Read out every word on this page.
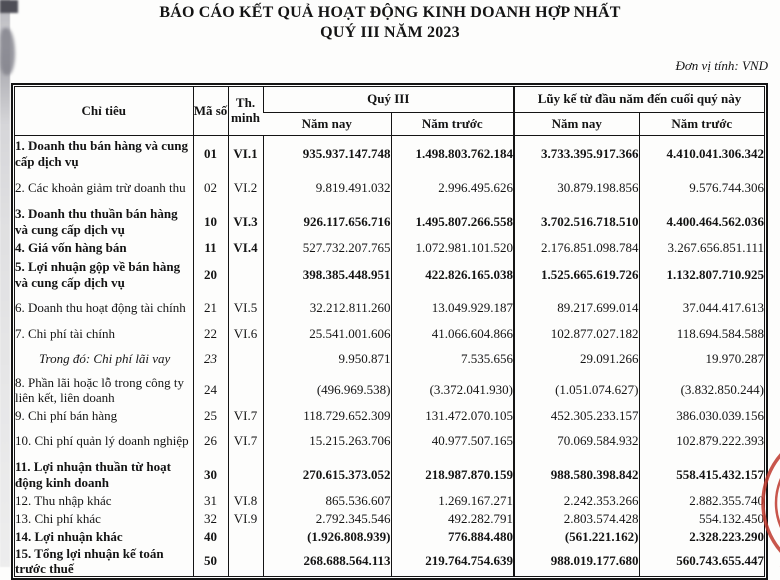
BÁO CÁO KẾT QUẢ HOẠT ĐỘNG KINH DOANH HỢP NHẤT
QUÝ III NĂM 2023
Đơn vị tính: VND
Chỉ tiêu	Mã số	Th. minh	Quý III		Lũy kế từ đầu năm đến cuối quý này	
			Năm nay	Năm trước	Năm nay	Năm trước
1. Doanh thu bán hàng và cung cấp dịch vụ	01	VI.1	935.937.147.748	1.498.803.762.184	3.733.395.917.366	4.410.041.306.342
2. Các khoản giảm trừ doanh thu	02	VI.2	9.819.491.032	2.996.495.626	30.879.198.856	9.576.744.306
3. Doanh thu thuần bán hàng và cung cấp dịch vụ	10	VI.3	926.117.656.716	1.495.807.266.558	3.702.516.718.510	4.400.464.562.036
4. Giá vốn hàng bán	11	VI.4	527.732.207.765	1.072.981.101.520	2.176.851.098.784	3.267.656.851.111
5. Lợi nhuận gộp về bán hàng và cung cấp dịch vụ	20		398.385.448.951	422.826.165.038	1.525.665.619.726	1.132.807.710.925
6. Doanh thu hoạt động tài chính	21	VI.5	32.212.811.260	13.049.929.187	89.217.699.014	37.044.417.613
7. Chi phí tài chính	22	VI.6	25.541.001.606	41.066.604.866	102.877.027.182	118.694.584.588
Trong đó: Chi phí lãi vay	23		9.950.871	7.535.656	29.091.266	19.970.287
8. Phần lãi hoặc lỗ trong công ty liên kết, liên doanh	24		(496.969.538)	(3.372.041.930)	(1.051.074.627)	(3.832.850.244)
9. Chi phí bán hàng	25	VI.7	118.729.652.309	131.472.070.105	452.305.233.157	386.030.039.156
10. Chi phí quản lý doanh nghiệp	26	VI.7	15.215.263.706	40.977.507.165	70.069.584.932	102.879.222.393
11. Lợi nhuận thuần từ hoạt động kinh doanh	30		270.615.373.052	218.987.870.159	988.580.398.842	558.415.432.157
12. Thu nhập khác	31	VI.8	865.536.607	1.269.167.271	2.242.353.266	2.882.355.740
13. Chi phí khác	32	VI.9	2.792.345.546	492.282.791	2.803.574.428	554.132.450
14. Lợi nhuận khác	40		(1.926.808.939)	776.884.480	(561.221.162)	2.328.223.290
15. Tổng lợi nhuận kế toán trước thuế	50		268.688.564.113	219.764.754.639	988.019.177.680	560.743.655.447
